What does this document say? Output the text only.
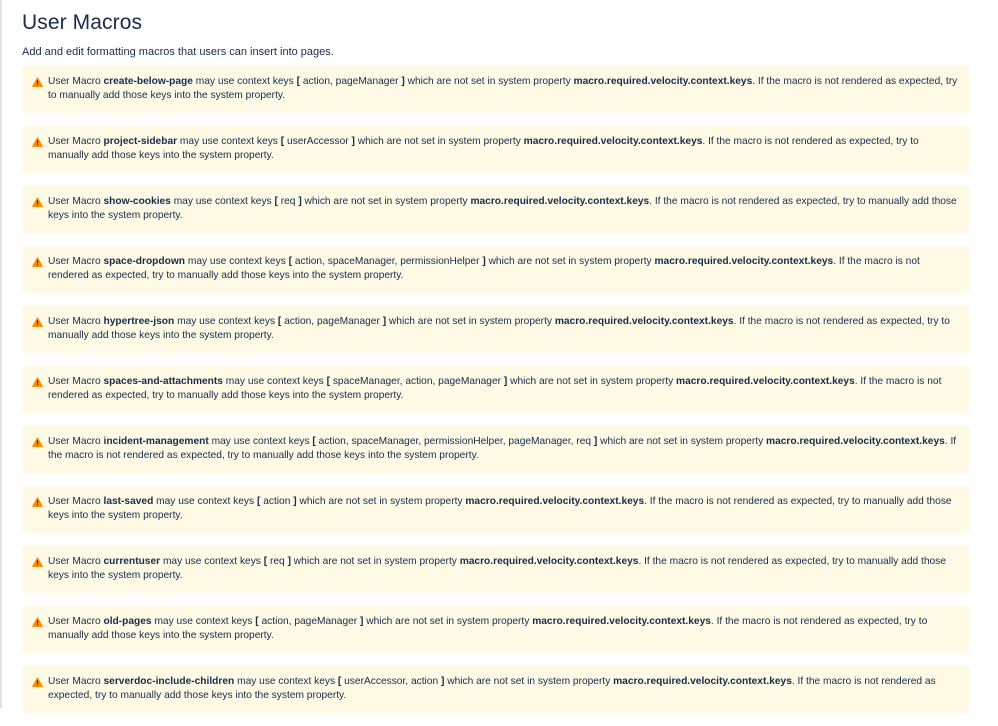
User Macros

Add and edit formatting macros that users can insert into pages.

User Macro create-below-page may use context keys [ action, pageManager ] which are not set in system property macro.required.velocity.context.keys. If the macro is not rendered as expected, try to manually add those keys into the system property.
User Macro project-sidebar may use context keys [ userAccessor ] which are not set in system property macro.required.velocity.context.keys. If the macro is not rendered as expected, try to manually add those keys into the system property.
User Macro show-cookies may use context keys [ req ] which are not set in system property macro.required.velocity.context.keys. If the macro is not rendered as expected, try to manually add those keys into the system property.
User Macro space-dropdown may use context keys [ action, spaceManager, permissionHelper ] which are not set in system property macro.required.velocity.context.keys. If the macro is not rendered as expected, try to manually add those keys into the system property.
User Macro hypertree-json may use context keys [ action, pageManager ] which are not set in system property macro.required.velocity.context.keys. If the macro is not rendered as expected, try to manually add those keys into the system property.
User Macro spaces-and-attachments may use context keys [ spaceManager, action, pageManager ] which are not set in system property macro.required.velocity.context.keys. If the macro is not rendered as expected, try to manually add those keys into the system property.
User Macro incident-management may use context keys [ action, spaceManager, permissionHelper, pageManager, req ] which are not set in system property macro.required.velocity.context.keys. If the macro is not rendered as expected, try to manually add those keys into the system property.
User Macro last-saved may use context keys [ action ] which are not set in system property macro.required.velocity.context.keys. If the macro is not rendered as expected, try to manually add those keys into the system property.
User Macro currentuser may use context keys [ req ] which are not set in system property macro.required.velocity.context.keys. If the macro is not rendered as expected, try to manually add those keys into the system property.
User Macro old-pages may use context keys [ action, pageManager ] which are not set in system property macro.required.velocity.context.keys. If the macro is not rendered as expected, try to manually add those keys into the system property.
User Macro serverdoc-include-children may use context keys [ userAccessor, action ] which are not set in system property macro.required.velocity.context.keys. If the macro is not rendered as expected, try to manually add those keys into the system property.
